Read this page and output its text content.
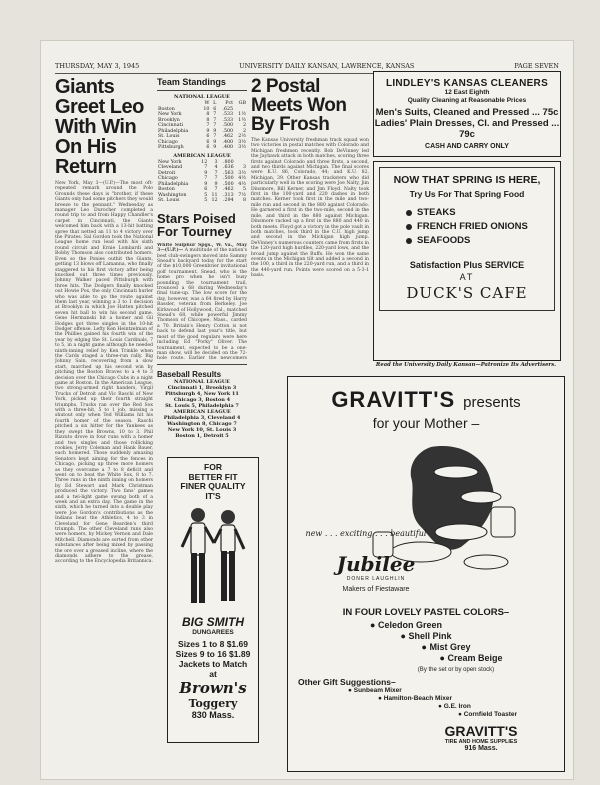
THURSDAY, MAY 3, 1945	UNIVERSITY DAILY KANSAN, LAWRENCE, KANSAS	PAGE SEVEN
Giants Greet Leo With Win On His Return
New York, May 3—(U.P.)—The most oft-repeated remark around the Polo Grounds these days is "brother, if these Giants only had some pitchers they would breeze to the pennant." Wednesday as manager Leo Durocher completed a round trip to and from Happy Chandler's carpet in Cincinnati, the Giants welcomed him back with a 13-hit batting spree that netted an 11 to 4 victory over the Pirates. Sal Gordon took the National League home run lead with his sixth round circuit and Ernie Lombardi and Bobby Thomson also contributed homers. Even so the Ponies outhit the Giants, getting 13 blows off Lamanna, who finally staggered to his first victory after being knocked out three times previously. Johnny Walker paced Pittsburgh with three hits. The Dodgers finally knocked out Howie Pox, the only Cincinnati hurler who was able to go the route against them last year, winning a 3 to 1 decision at Brooklyn in which Joe Hatten pitched seven hit ball to win his second game. Gene Hermanski hit a homer and Gil Hodges got three singles in the 10-hit Dodger offense. Lefty Ken Heintzelman of the Phillies gained his fourth win of the year by edging the St. Louis Cardinals, 7 to 5, in a night game although he needed ninth-inning relief by Ken Trinkle when the Cards staged a three-run rally. Big Johnny Sain, recovering from a slow start, marched up his second win by pitching the Boston Braves to a 4 to 3 decision over the Chicago Cubs in a night game at Boston. In the American League, two strong-armed right handers, Virgil Trucks of Detroit and Vic Raschi of New York, picked up their fourth straight triumphs. Trucks ran over the Red Sox with a three-hit, 5 to 1 job, missing a shutout only when Ted Williams hit his fourth homer of the season. Raschi pitched a six hitter for the Yankees as they swept the Browns, 10 to 3. Phil Rizzuto drove in four runs with a homer and two singles and those rollicking rookies, Jerry Coleman and Hank Bauer, each homered. Those suddenly amazing Senators kept aiming for the fences in Chicago, picking up three more homers as they overcame a 7 to 8 deficit and went on to beat the White Sox, 8 to 7. Three runs in the ninth inning on homers by Ed Stewart and Mark Christman produced the victory. Two fans' games and a twi-light game swung both of a week and an extra day. The game in the sixth, which he turned into a double play were Joe Gordon's contributions as the Indians beat the Athletics, 4 to 3 in Cleveland for Gene Bearden's third triumph. The other Cleveland runs also were homers, by Mickey Vernon and Dale Mitchell. Diamonds are sorted from other substances after being mixed by passing the ore over a greased incline, where the diamonds adhere to the grease, according to the Encyclopedia Britannica.
Team Standings
NATIONAL LEAGUE
	W	L	Pct	GB
Boston	10	6	.625	
New York	8	7	.533	1½
Brooklyn	8	7	.533	1½
Cincinnati	7	7	.500	2
Philadelphia	9	9	.500	2
St. Louis	6	7	.462	2½
Chicago	6	9	.400	3½
Pittsburgh	6	9	.400	3½
AMERICAN LEAGUE
New York	12	3	.800	
Cleveland	7	4	.636	3
Detroit	9	7	.563	3½
Chicago	7	7	.500	4½
Philadelphia	9	9	.500	4½
Boston	6	7	.462	5
Washington	5	11	.313	7½
St. Louis	5	12	.294	8
Stars Poised For Tourney
White Sulphur Spgs., W. Va., May 3—(U.P.)— A multitude of the nation's best club-swingers moved into Sammy Snead's backyard today for the start of the $10,000 Greenbrier invitational golf tournament. Snead, who is the home pro when he isn't busy pounding the tournament trail, trounced a 68 during Wednesday's final tune-up. The low score for the day, however, was a 64 fired by Harry Bassler, veteran from Berkeley. Joe Kirkwood of Hollywood, Cal., matched Snead's 68, while powerful Jimmy Thomson of Chicopee, Mass., carded a 70. Britain's Henry Cotton is not back to defend last year's title, but most of the good regulars were here including Ed "Porky" Oliver. The tournament, expected to be a one-man show, will be decided on the 72-hole route. Earlier the newcomers
Baseball Results
NATIONAL LEAGUE
Cincinnati 1, Brooklyn 3
Pittsburgh 4, New York 11
Chicago 3, Boston 4
St. Louis 5, Philadelphia 7
AMERICAN LEAGUE
Philadelphia 3, Cleveland 4
Washington 8, Chicago 7
New York 10, St. Louis 3
Boston 1, Detroit 5
FOR
BETTER FIT
FINER QUALITY
IT'S
BIG SMITH
DUNGAREES
Sizes 1 to 8 $1.69
Sizes 9 to 16 $1.89
Jackets to Match
at
Brown's
Toggery
830 Mass.
2 Postal Meets Won By Frosh
The Kansas University freshman track squad won two victories in postal matches with Colorado and Michigan freshmen recently. Bob DeVinney led the Jayhawk attack in both matches, scoring three firsts against Colorado and three firsts, a second, and two thirds against Michigan. The final scores were K.U. 86, Colorado, 44; and K.U. 82, Michigan, 39. Other Kansas tracksters who did particularly well in the scoring were Joe Nalty, Jim Dinsmore, Bill Kerner, and Jim Floyd. Nalty took first in the 100-yard and 220 dashes in both matches. Kerner took first in the mile and two-mile run and second in the 880 against Colorado. He garnered a first in the two-mile, second in the mile, and third in the 880 against Michigan. Dinsmore racked up a first in the 880 and 440 in both meets. Floyd got a victory in the pole vault in both matches, took third in the C.U. high jump and second in the Michigan high jump. DeVinney's numerous counters came from firsts in the 120-yard high hurdles, 220-yard lows, and the broad jump against the Buffs. He won the same events in the Michigan tilt and added a second in the 100, a third in the 220-yard run, and a third in the 440-yard run. Points were scored on a 5-3-1 basis.
LINDLEY'S KANSAS CLEANERS
12 East Eighth
Quality Cleaning at Reasonable Prices
Men's Suits, Cleaned and Pressed ... 75c
Ladies' Plain Dresses, Cl. and Pressed ... 79c
CASH AND CARRY ONLY
NOW THAT SPRING IS HERE,
Try Us For That Spring Food
STEAKS
FRENCH FRIED ONIONS
SEAFOODS
Satisfaction Plus SERVICE
AT
DUCK'S CAFE
Read the University Daily Kansan—Patronize Its Advertisers.
GRAVITT'S presents
for your Mother –
new . . . exciting . . . beautiful
Jubilee
DONER LAUGHLIN
Makers of Fiestaware
IN FOUR LOVELY PASTEL COLORS–
● Celedon Green
● Shell Pink
● Mist Grey
● Cream Beige
(By the set or by open stock)
Other Gift Suggestions–
● Sunbeam Mixer
● Hamilton-Beach Mixer
● G.E. Iron
● Cornfield Toaster
GRAVITT'S
TIRE AND HOME SUPPLIES
916 Mass.
